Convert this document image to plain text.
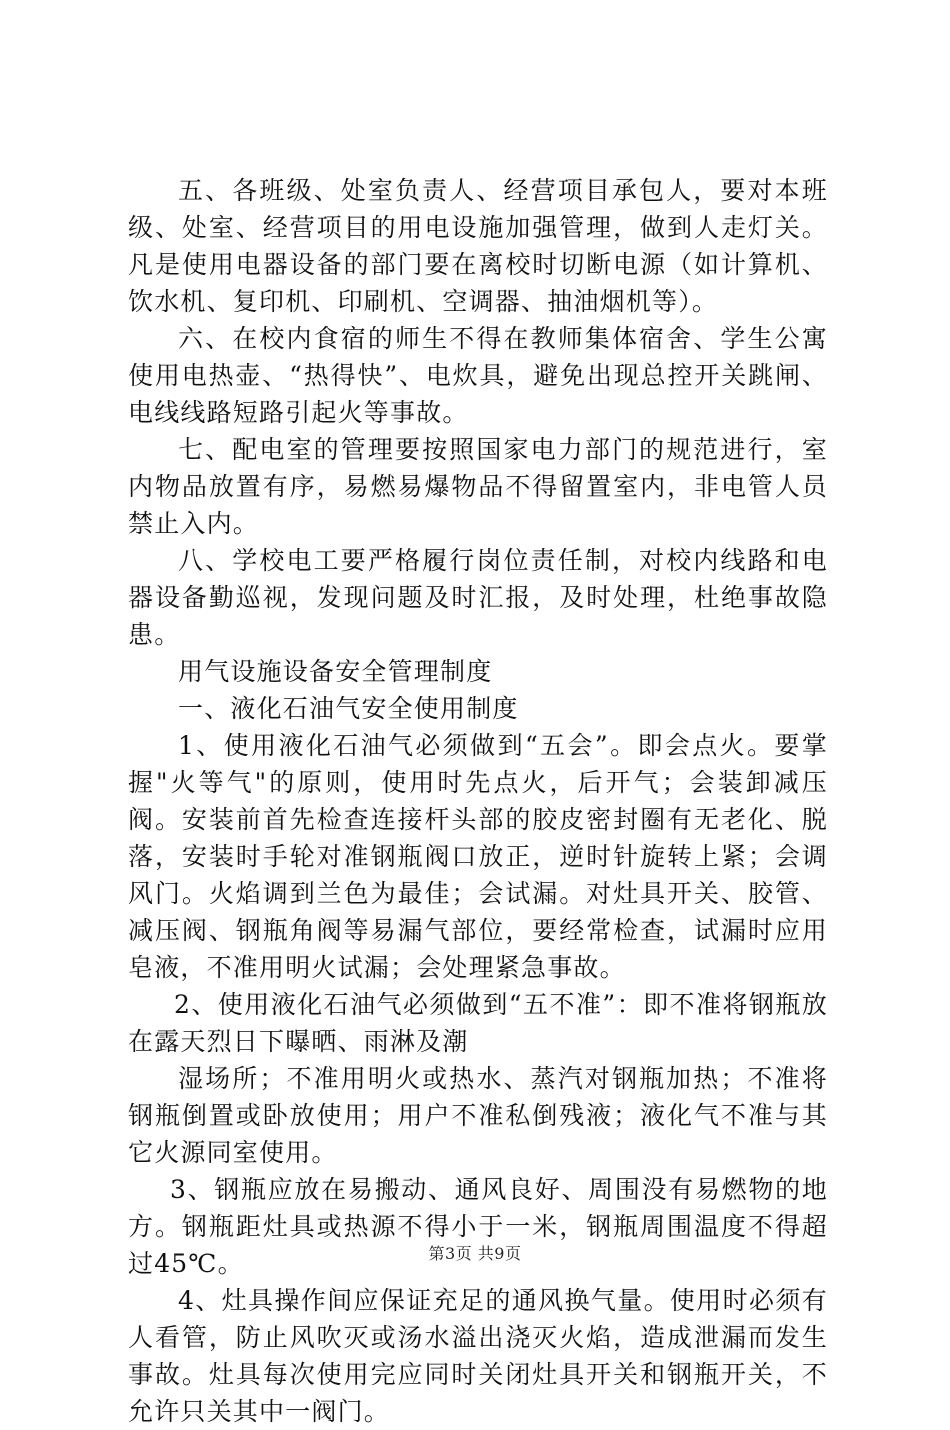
五、各班级、处室负责人、经营项目承包人，要对本班级、处室、经营项目的用电设施加强管理，做到人走灯关。凡是使用电器设备的部门要在离校时切断电源（如计算机、饮水机、复印机、印刷机、空调器、抽油烟机等）。

六、在校内食宿的师生不得在教师集体宿舍、学生公寓使用电热壶、“热得快”、电炊具，避免出现总控开关跳闸、电线线路短路引起火等事故。

七、配电室的管理要按照国家电力部门的规范进行，室内物品放置有序，易燃易爆物品不得留置室内，非电管人员禁止入内。

八、学校电工要严格履行岗位责任制，对校内线路和电器设备勤巡视，发现问题及时汇报，及时处理，杜绝事故隐患。

用气设施设备安全管理制度

一、液化石油气安全使用制度

1、使用液化石油气必须做到“五会”。即会点火。要掌握"火等气"的原则，使用时先点火，后开气；会装卸减压阀。安装前首先检查连接杆头部的胶皮密封圈有无老化、脱落，安装时手轮对准钢瓶阀口放正，逆时针旋转上紧；会调风门。火焰调到兰色为最佳；会试漏。对灶具开关、胶管、减压阀、钢瓶角阀等易漏气部位，要经常检查，试漏时应用皂液，不准用明火试漏；会处理紧急事故。

2、使用液化石油气必须做到“五不准”：即不准将钢瓶放在露天烈日下曝晒、雨淋及潮

湿场所；不准用明火或热水、蒸汽对钢瓶加热；不准将钢瓶倒置或卧放使用；用户不准私倒残液；液化气不准与其它火源同室使用。

3、钢瓶应放在易搬动、通风良好、周围没有易燃物的地方。钢瓶距灶具或热源不得小于一米，钢瓶周围温度不得超过45℃。

4、灶具操作间应保证充足的通风换气量。使用时必须有人看管，防止风吹灭或汤水溢出浇灭火焰，造成泄漏而发生事故。灶具每次使用完应同时关闭灶具开关和钢瓶开关，不允许只关其中一阀门。

第3页 共9页
